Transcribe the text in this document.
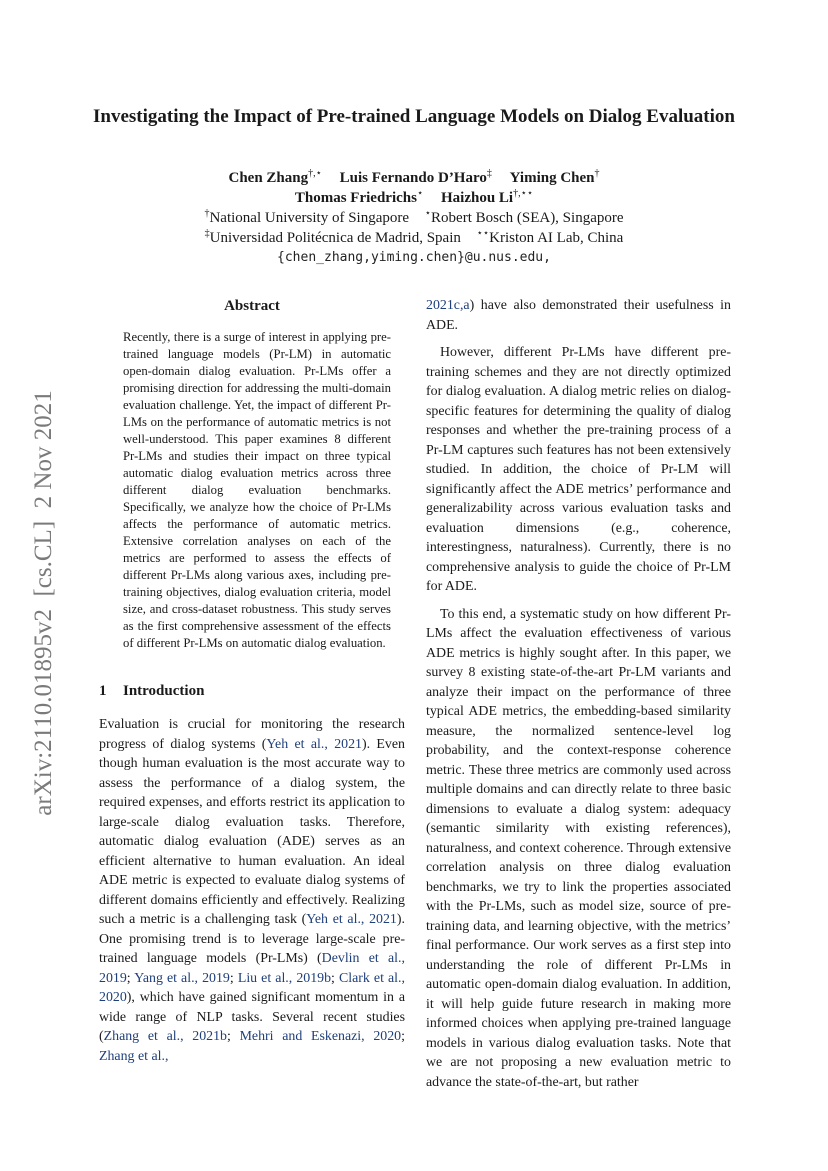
arXiv:2110.01895v2  [cs.CL]  2 Nov 2021
Investigating the Impact of Pre-trained Language Models on Dialog Evaluation
Chen Zhang†,⋆ Luis Fernando D’Haro‡ Yiming Chen†
Thomas Friedrichs⋆ Haizhou Li†,⋆⋆
†National University of Singapore ⋆Robert Bosch (SEA), Singapore
‡Universidad Politécnica de Madrid, Spain ⋆⋆Kriston AI Lab, China
{chen_zhang,yiming.chen}@u.nus.edu,
Abstract

Recently, there is a surge of interest in applying pre-trained language models (Pr-LM) in automatic open-domain dialog evaluation. Pr-LMs offer a promising direction for addressing the multi-domain evaluation challenge. Yet, the impact of different Pr-LMs on the performance of automatic metrics is not well-understood. This paper examines 8 different Pr-LMs and studies their impact on three typical automatic dialog evaluation metrics across three different dialog evaluation benchmarks. Specifically, we analyze how the choice of Pr-LMs affects the performance of automatic metrics. Extensive correlation analyses on each of the metrics are performed to assess the effects of different Pr-LMs along various axes, including pre-training objectives, dialog evaluation criteria, model size, and cross-dataset robustness. This study serves as the first comprehensive assessment of the effects of different Pr-LMs on automatic dialog evaluation.

1 Introduction

Evaluation is crucial for monitoring the research progress of dialog systems (Yeh et al., 2021). Even though human evaluation is the most accurate way to assess the performance of a dialog system, the required expenses, and efforts restrict its application to large-scale dialog evaluation tasks. Therefore, automatic dialog evaluation (ADE) serves as an efficient alternative to human evaluation. An ideal ADE metric is expected to evaluate dialog systems of different domains efficiently and effectively. Realizing such a metric is a challenging task (Yeh et al., 2021). One promising trend is to leverage large-scale pre-trained language models (Pr-LMs) (Devlin et al., 2019; Yang et al., 2019; Liu et al., 2019b; Clark et al., 2020), which have gained significant momentum in a wide range of NLP tasks. Several recent studies (Zhang et al., 2021b; Mehri and Eskenazi, 2020; Zhang et al.,

2021c,a) have also demonstrated their usefulness in ADE.

However, different Pr-LMs have different pre-training schemes and they are not directly optimized for dialog evaluation. A dialog metric relies on dialog-specific features for determining the quality of dialog responses and whether the pre-training process of a Pr-LM captures such features has not been extensively studied. In addition, the choice of Pr-LM will significantly affect the ADE metrics’ performance and generalizability across various evaluation tasks and evaluation dimensions (e.g., coherence, interestingness, naturalness). Currently, there is no comprehensive analysis to guide the choice of Pr-LM for ADE.

To this end, a systematic study on how different Pr-LMs affect the evaluation effectiveness of various ADE metrics is highly sought after. In this paper, we survey 8 existing state-of-the-art Pr-LM variants and analyze their impact on the performance of three typical ADE metrics, the embedding-based similarity measure, the normalized sentence-level log probability, and the context-response coherence metric. These three metrics are commonly used across multiple domains and can directly relate to three basic dimensions to evaluate a dialog system: adequacy (semantic similarity with existing references), naturalness, and context coherence. Through extensive correlation analysis on three dialog evaluation benchmarks, we try to link the properties associated with the Pr-LMs, such as model size, source of pre-training data, and learning objective, with the metrics’ final performance. Our work serves as a first step into understanding the role of different Pr-LMs in automatic open-domain dialog evaluation. In addition, it will help guide future research in making more informed choices when applying pre-trained language models in various dialog evaluation tasks. Note that we are not proposing a new evaluation metric to advance the state-of-the-art, but rather
